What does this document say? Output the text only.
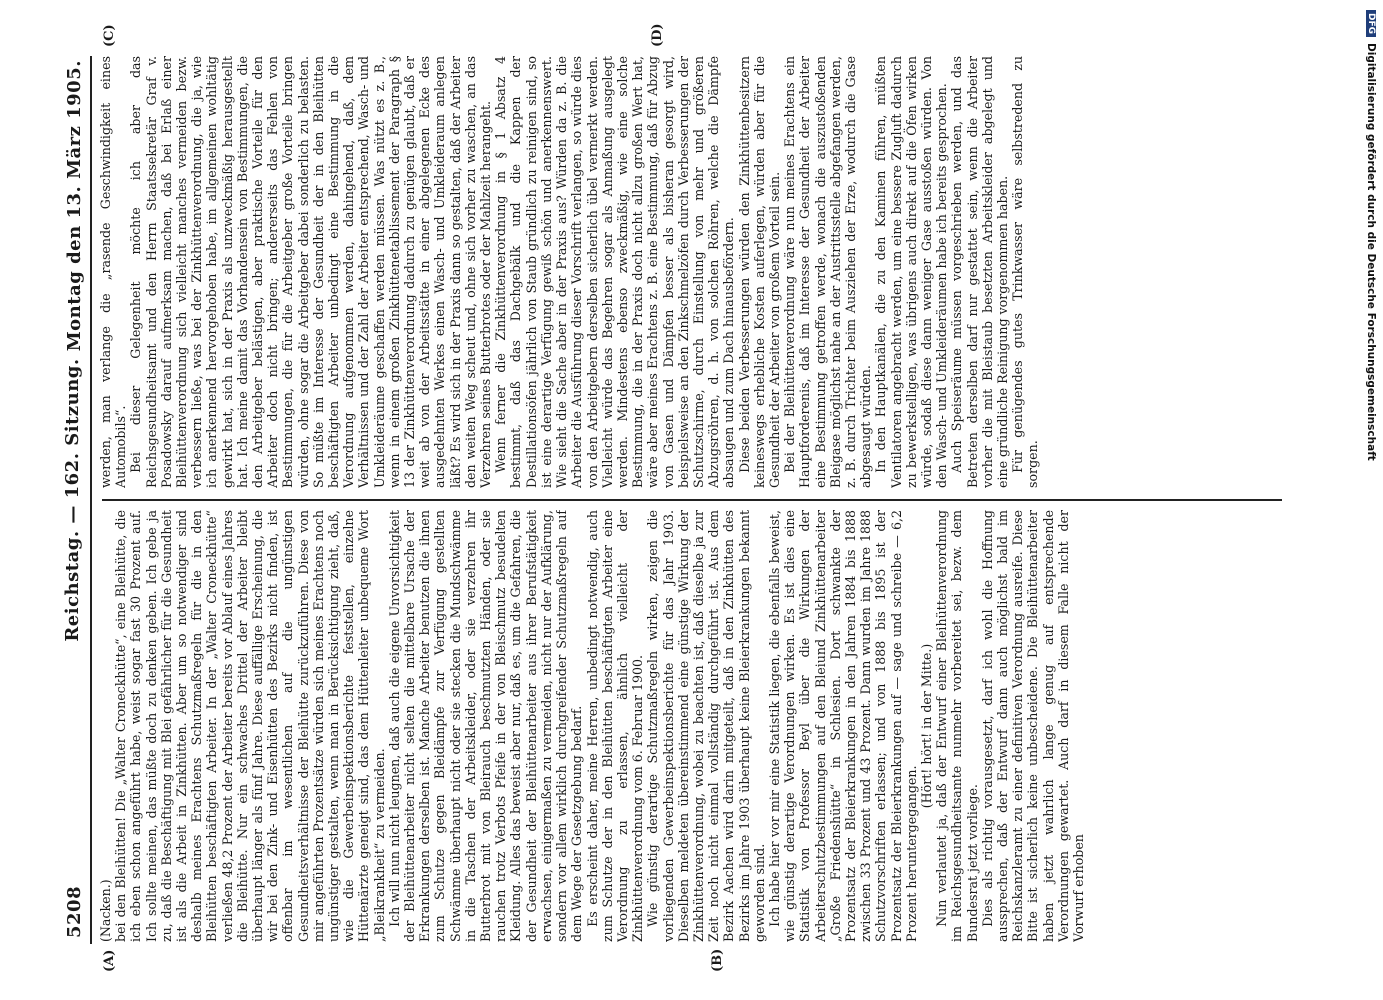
5208
Reichstag. — 162. Sitzung.
Montag den 13. März 1905.
(A)	(B)
(C)	(D)

(Nacken.) bei den Bleihütten! Die „Walter Croneckhütte“, eine Bleihütte, die ich eben schon angeführt habe, weist sogar fast 30 Prozent auf. Ich sollte meinen, das müßte doch zu denken geben. Ich gebe ja zu, daß die Beschäftigung mit Blei gefährlicher für die Gesundheit ist als die Arbeit in Zinkhütten. Aber um so notwendiger sind deshalb meines Erachtens Schutzmaßregeln für die in den Bleihütten beschäftigten Arbeiter. In der „Walter Croneckhütte“ verließen 48,2 Prozent der Arbeiter bereits vor Ablauf eines Jahres die Bleihütte. Nur ein schwaches Drittel der Arbeiter bleibt überhaupt länger als fünf Jahre. Diese auffällige Erscheinung, die wir bei den Zink- und Eisenhütten des Bezirks nicht finden, ist offenbar im wesentlichen auf die ungünstigen Gesundheitsverhältnisse der Bleihütte zurückzuführen. Diese von mir angeführten Prozentsätze würden sich meines Erachtens noch ungünstiger gestalten, wenn man in Berücksichtigung zieht, daß, wie die Gewerbeinspektionsberichte feststellen, einzelne Hüttenärzte geneigt sind, das dem Hüttenleiter unbequeme Wort „Bleikrankheit“ zu vermeiden. Ich will nun nicht leugnen, daß auch die eigene Unvorsichtigkeit der Bleihüttenarbeiter nicht selten die mittelbare Ursache der Erkrankungen derselben ist. Manche Arbeiter benutzen die ihnen zum Schutze gegen Bleidämpfe zur Verfügung gestellten Schwämme überhaupt nicht oder sie stecken die Mundschwämme in die Taschen der Arbeitskleider, oder sie verzehren ihr Butterbrot mit von Bleirauch beschmutzten Händen, oder sie rauchen trotz Verbots Pfeife in der von Bleischmutz besudelten Kleidung. Alles das beweist aber nur, daß es, um die Gefahren, die der Gesundheit der Bleihüttenarbeiter aus ihrer Berufstätigkeit erwachsen, einigermaßen zu vermeiden, nicht nur der Aufklärung, sondern vor allem wirklich durchgreifender Schutzmaßregeln auf dem Wege der Gesetzgebung bedarf. Es erscheint daher, meine Herren, unbedingt notwendig, auch zum Schutze der in den Bleihütten beschäftigten Arbeiter eine Verordnung zu erlassen, ähnlich vielleicht der Zinkhüttenverordnung vom 6. Februar 1900. Wie günstig derartige Schutzmaßregeln wirken, zeigen die vorliegenden Gewerbeinspektionsberichte für das Jahr 1903. Dieselben meldeten übereinstimmend eine günstige Wirkung der Zinkhüttenverordnung, wobei zu beachten ist, daß dieselbe ja zur Zeit noch nicht einmal vollständig durchgeführt ist. Aus dem Bezirk Aachen wird darin mitgeteilt, daß in den Zinkhütten des Bezirks im Jahre 1903 überhaupt keine Bleierkrankungen bekannt geworden sind. Ich habe hier vor mir eine Statistik liegen, die ebenfalls beweist, wie günstig derartige Verordnungen wirken. Es ist dies eine Statistik von Professor Beyl über die Wirkungen der Arbeiterschutzbestimmungen auf den Bleiund Zinkhüttenarbeiter „Große Friedenshütte“ in Schlesien. Dort schwankte der Prozentsatz der Bleierkrankungen in den Jahren 1884 bis 1888 zwischen 33 Prozent und 43 Prozent. Dann wurden im Jahre 1888 Schutzvorschriften erlassen; und von 1888 bis 1895 ist der Prozentsatz der Bleierkrankungen auf — sage und schreibe — 6,2 Prozent heruntergegangen.

(Hört! hört! in der Mitte.) Nun verlautet ja, daß der Entwurf einer Bleihüttenverordnung im Reichsgesundheitsamte nunmehr vorbereitet sei, bezw. dem Bundesrat jetzt vorliege. Dies als richtig vorausgesetzt, darf ich wohl die Hoffnung aussprechen, daß der Entwurf dann auch möglichst bald im Reichskanzleramt zu einer definitiven Verordnung ausreife. Diese Bitte ist sicherlich keine unbescheidene. Die Bleihüttenarbeiter haben jetzt wahrlich lange genug auf entsprechende Verordnungen gewartet. Auch darf in diesem Falle nicht der Vorwurf erhoben

werden, man verlange die „rasende Geschwindigkeit eines Automobils“. Bei dieser Gelegenheit möchte ich aber das Reichsgesundheitsamt und den Herrn Staatssekretär Graf v. Posadowsky darauf aufmerksam machen, daß bei Erlaß einer Bleihüttenverordnung sich vielleicht manches vermeiden bezw. verbessern ließe, was bei der Zinkhüttenverordnung, die ja, wie ich anerkennend hervorgehoben habe, im allgemeinen wohltätig gewirkt hat, sich in der Praxis als unzweckmäßig herausgestellt hat. Ich meine damit das Vorhandensein von Bestimmungen, die den Arbeitgeber belästigen, aber praktische Vorteile für den Arbeiter doch nicht bringen; andererseits das Fehlen von Bestimmungen, die für die Arbeitgeber große Vorteile bringen würden, ohne sogar die Arbeitgeber dabei sonderlich zu belasten. So müßte im Interesse der Gesundheit der in den Bleihütten beschäftigten Arbeiter unbedingt eine Bestimmung in die Verordnung aufgenommen werden, dahingehend, daß, dem Verhältnissen und der Zahl der Arbeiter entsprechend, Wasch- und Umkleideräume geschaffen werden müssen. Was nützt es z. B., wenn in einem großen Zinkhüttenetablissement der Paragraph § 13 der Zinkhüttenverordnung dadurch zu genügen glaubt, daß er weit ab von der Arbeitsstätte in einer abgelegenen Ecke des ausgedehnten Werkes einen Wasch- und Umkleideraum anlegen läßt? Es wird sich in der Praxis dann so gestalten, daß der Arbeiter den weiten Weg scheut und, ohne sich vorher zu waschen, an das Verzehren seines Butterbrotes oder der Mahlzeit herangeht. Wenn ferner die Zinkhüttenverordnung in § 1 Absatz 4 bestimmt, daß das Dachgebälk und die Kappen der Destillationsöfen jährlich von Staub gründlich zu reinigen sind, so ist eine derartige Verfügung gewiß schön und anerkennenswert. Wie sieht die Sache aber in der Praxis aus? Würden da z. B. die Arbeiter die Ausführung dieser Vorschrift verlangen, so würde dies von den Arbeitgebern derselben sicherlich übel vermerkt werden. Vielleicht würde das Begehren sogar als Anmaßung ausgelegt werden. Mindestens ebenso zweckmäßig, wie eine solche Bestimmung, die in der Praxis doch nicht allzu großen Wert hat, wäre aber meines Erachtens z. B. eine Bestimmung, daß für Abzug von Gasen und Dämpfen besser als bisheran gesorgt wird, beispielsweise an den Zinkschmelzöfen durch Verbesserungen der Schutzschirme, durch Einstellung von mehr und größeren Abzugsröhren, d. h. von solchen Röhren, welche die Dämpfe absaugen und zum Dach hinausbefördern. Diese beiden Verbesserungen würden den Zinkhüttenbesitzern keineswegs erhebliche Kosten auferlegen, würden aber für die Gesundheit der Arbeiter von großem Vorteil sein. Bei der Bleihüttenverordnung wäre nun meines Erachtens ein Hauptforderenis, daß im Interesse der Gesundheit der Arbeiter eine Bestimmung getroffen werde, wonach die auszustoßenden Bleigase möglichst nahe an der Austrittsstelle abgefangen werden, z. B. durch Trichter beim Ausziehen der Erze, wodurch die Gase abgesaugt würden. In den Hauptkanälen, die zu den Kaminen führen, müßten Ventilatoren angebracht werden, um eine bessere Zugluft dadurch zu bewerkstelligen, was übrigens auch direkt auf die Öfen wirken würde, sodaß diese dann weniger Gase ausstoßen würden. Von den Wasch- und Umkleideräumen habe ich bereits gesprochen. Auch Speiseräume müssen vorgeschrieben werden, und das Betreten derselben darf nur gestattet sein, wenn die Arbeiter vorher die mit Bleistaub besetzten Arbeitskleider abgelegt und eine gründliche Reinigung vorgenommen haben. Für genügendes gutes Trinkwasser wäre selbstredend zu sorgen.

DFG
Digitalisierung gefördert durch die Deutsche Forschungsgemeinschaft
